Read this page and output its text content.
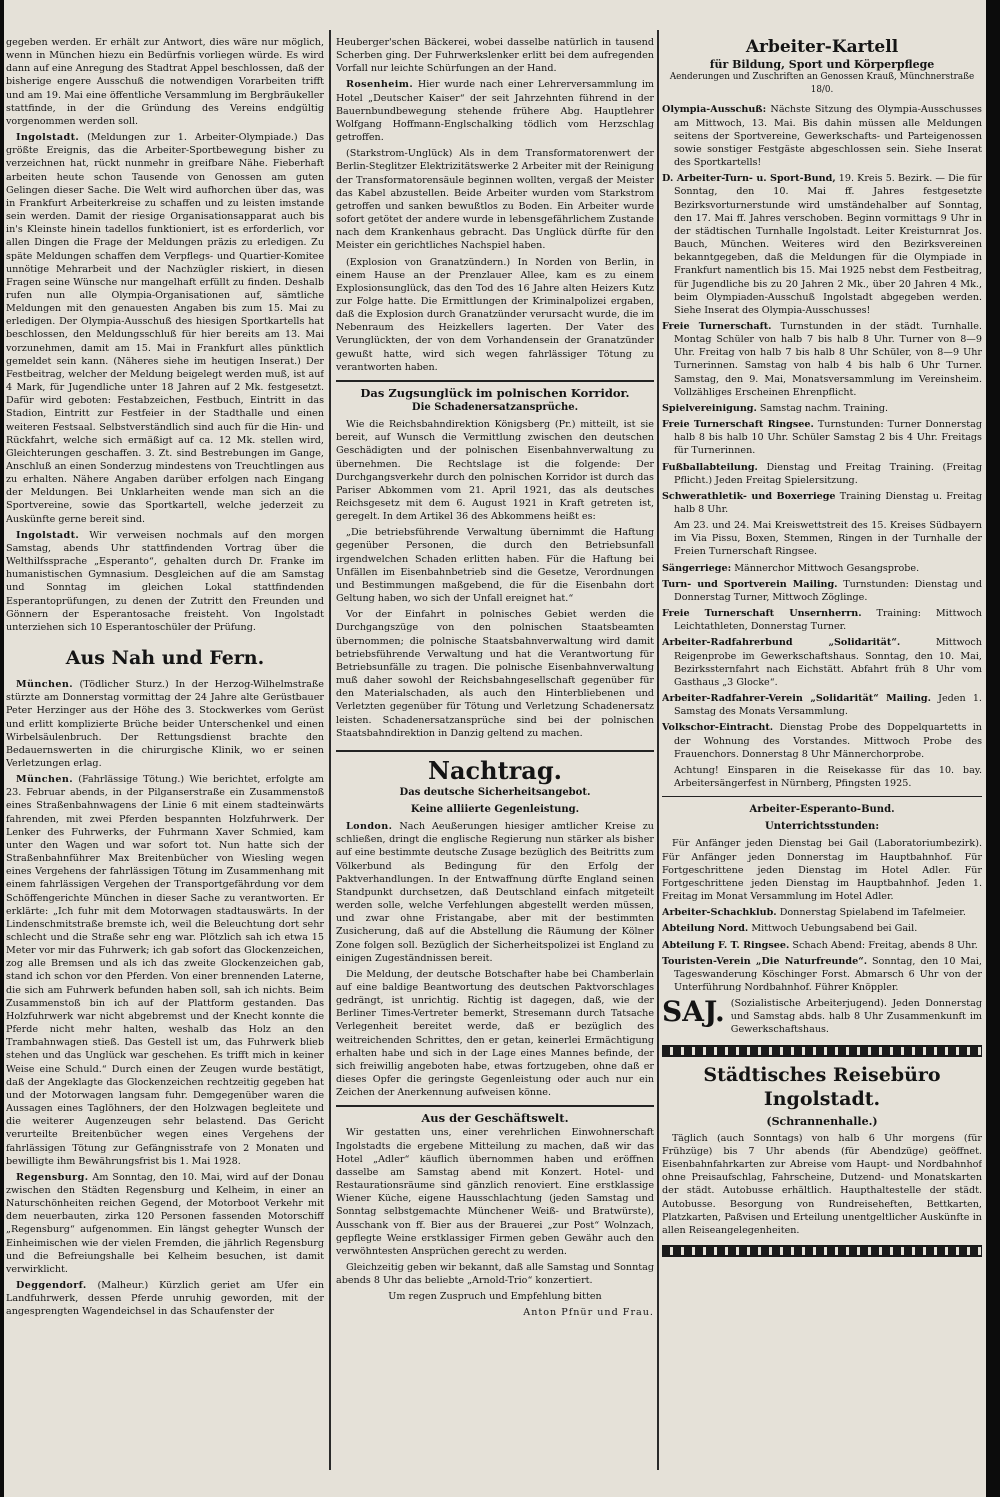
gegeben werden. Er erhält zur Antwort, dies wäre nur möglich, wenn in München hiezu ein Bedürfnis vorliegen würde. Es wird dann auf eine Anregung des Stadtrat Appel beschlossen, daß der bisherige engere Ausschuß die notwendigen Vorarbeiten trifft und am 19. Mai eine öffentliche Versammlung im Bergbräukeller stattfinde, in der die Gründung des Vereins endgültig vorgenommen werden soll.

Ingolstadt. (Meldungen zur 1. Arbeiter-Olympiade.) Das größte Ereignis, das die Arbeiter-Sportbewegung bisher zu verzeichnen hat, rückt nunmehr in greifbare Nähe. Fieberhaft arbeiten heute schon Tausende von Genossen am guten Gelingen dieser Sache. Die Welt wird aufhorchen über das, was in Frankfurt Arbeiterkreise zu schaffen und zu leisten imstande sein werden. Damit der riesige Organisationsapparat auch bis in's Kleinste hinein tadellos funktioniert, ist es erforderlich, vor allen Dingen die Frage der Meldungen präzis zu erledigen. Zu späte Meldungen schaffen dem Verpflegs- und Quartier-Komitee unnötige Mehrarbeit und der Nachzügler riskiert, in diesen Fragen seine Wünsche nur mangelhaft erfüllt zu finden. Deshalb rufen nun alle Olympia-Organisationen auf, sämtliche Meldungen mit den genauesten Angaben bis zum 15. Mai zu erledigen. Der Olympia-Ausschuß des hiesigen Sportkartells hat beschlossen, den Meldungsschluß für hier bereits am 13. Mai vorzunehmen, damit am 15. Mai in Frankfurt alles pünktlich gemeldet sein kann. (Näheres siehe im heutigen Inserat.) Der Festbeitrag, welcher der Meldung beigelegt werden muß, ist auf 4 Mark, für Jugendliche unter 18 Jahren auf 2 Mk. festgesetzt. Dafür wird geboten: Festabzeichen, Festbuch, Eintritt in das Stadion, Eintritt zur Festfeier in der Stadthalle und einen weiteren Festsaal. Selbstverständlich sind auch für die Hin- und Rückfahrt, welche sich ermäßigt auf ca. 12 Mk. stellen wird, Gleichterungen geschaffen. 3. Zt. sind Bestrebungen im Gange, Anschluß an einen Sonderzug mindestens von Treuchtlingen aus zu erhalten. Nähere Angaben darüber erfolgen nach Eingang der Meldungen. Bei Unklarheiten wende man sich an die Sportvereine, sowie das Sportkartell, welche jederzeit zu Auskünfte gerne bereit sind.

Ingolstadt. Wir verweisen nochmals auf den morgen Samstag, abends Uhr stattfindenden Vortrag über die Welthilfssprache „Esperanto“, gehalten durch Dr. Franke im humanistischen Gymnasium. Desgleichen auf die am Samstag und Sonntag im gleichen Lokal stattfindenden Esperantoprüfungen, zu denen der Zutritt den Freunden und Gönnern der Esperantosache freisteht. Von Ingolstadt unterziehen sich 10 Esperantoschüler der Prüfung.

Aus Nah und Fern.

München. (Tödlicher Sturz.) In der Herzog-Wilhelmstraße stürzte am Donnerstag vormittag der 24 Jahre alte Gerüstbauer Peter Herzinger aus der Höhe des 3. Stockwerkes vom Gerüst und erlitt komplizierte Brüche beider Unterschenkel und einen Wirbelsäulenbruch. Der Rettungsdienst brachte den Bedauernswerten in die chirurgische Klinik, wo er seinen Verletzungen erlag.

München. (Fahrlässige Tötung.) Wie berichtet, erfolgte am 23. Februar abends, in der Pilganserstraße ein Zusammenstoß eines Straßenbahnwagens der Linie 6 mit einem stadteinwärts fahrenden, mit zwei Pferden bespannten Holzfuhrwerk. Der Lenker des Fuhrwerks, der Fuhrmann Xaver Schmied, kam unter den Wagen und war sofort tot. Nun hatte sich der Straßenbahnführer Max Breitenbücher von Wiesling wegen eines Vergehens der fahrlässigen Tötung im Zusammenhang mit einem fahrlässigen Vergehen der Transportgefährdung vor dem Schöffengerichte München in dieser Sache zu verantworten. Er erklärte: „Ich fuhr mit dem Motorwagen stadtauswärts. In der Lindenschmitstraße bremste ich, weil die Beleuchtung dort sehr schlecht und die Straße sehr eng war. Plötzlich sah ich etwa 15 Meter vor mir das Fuhrwerk; ich gab sofort das Glockenzeichen, zog alle Bremsen und als ich das zweite Glockenzeichen gab, stand ich schon vor den Pferden. Von einer brennenden Laterne, die sich am Fuhrwerk befunden haben soll, sah ich nichts. Beim Zusammenstoß bin ich auf der Plattform gestanden. Das Holzfuhrwerk war nicht abgebremst und der Knecht konnte die Pferde nicht mehr halten, weshalb das Holz an den Trambahnwagen stieß. Das Gestell ist um, das Fuhrwerk blieb stehen und das Unglück war geschehen. Es trifft mich in keiner Weise eine Schuld.“ Durch einen der Zeugen wurde bestätigt, daß der Angeklagte das Glockenzeichen rechtzeitig gegeben hat und der Motorwagen langsam fuhr. Demgegenüber waren die Aussagen eines Taglöhners, der den Holzwagen begleitete und die weiterer Augenzeugen sehr belastend. Das Gericht verurteilte Breitenbücher wegen eines Vergehens der fahrlässigen Tötung zur Gefängnisstrafe von 2 Monaten und bewilligte ihm Bewährungsfrist bis 1. Mai 1928.

Regensburg. Am Sonntag, den 10. Mai, wird auf der Donau zwischen den Städten Regensburg und Kelheim, in einer an Naturschönheiten reichen Gegend, der Motorboot Verkehr mit dem neuerbauten, zirka 120 Personen fassenden Motorschiff „Regensburg“ aufgenommen. Ein längst gehegter Wunsch der Einheimischen wie der vielen Fremden, die jährlich Regensburg und die Befreiungshalle bei Kelheim besuchen, ist damit verwirklicht.

Deggendorf. (Malheur.) Kürzlich geriet am Ufer ein Landfuhrwerk, dessen Pferde unruhig geworden, mit der angesprengten Wagendeichsel in das Schaufenster der

Heuberger'schen Bäckerei, wobei dasselbe natürlich in tausend Scherben ging. Der Fuhrwerkslenker erlitt bei dem aufregenden Vorfall nur leichte Schürfungen an der Hand.

Rosenheim. Hier wurde nach einer Lehrerversammlung im Hotel „Deutscher Kaiser“ der seit Jahrzehnten führend in der Bauernbundbewegung stehende frühere Abg. Hauptlehrer Wolfgang Hoffmann-Englschalking tödlich vom Herzschlag getroffen.

(Starkstrom-Unglück) Als in dem Transformatorenwert der Berlin-Steglitzer Elektrizitätswerke 2 Arbeiter mit der Reinigung der Transformatorensäule beginnen wollten, vergaß der Meister das Kabel abzustellen. Beide Arbeiter wurden vom Starkstrom getroffen und sanken bewußtlos zu Boden. Ein Arbeiter wurde sofort getötet der andere wurde in lebensgefährlichem Zustande nach dem Krankenhaus gebracht. Das Unglück dürfte für den Meister ein gerichtliches Nachspiel haben.

(Explosion von Granatzündern.) In Norden von Berlin, in einem Hause an der Prenzlauer Allee, kam es zu einem Explosionsunglück, das den Tod des 16 Jahre alten Heizers Kutz zur Folge hatte. Die Ermittlungen der Kriminalpolizei ergaben, daß die Explosion durch Granatzünder verursacht wurde, die im Nebenraum des Heizkellers lagerten. Der Vater des Verunglückten, der von dem Vorhandensein der Granatzünder gewußt hatte, wird sich wegen fahrlässiger Tötung zu verantworten haben.

Das Zugsunglück im polnischen Korridor.
Die Schadenersatzansprüche.

Wie die Reichsbahndirektion Königsberg (Pr.) mitteilt, ist sie bereit, auf Wunsch die Vermittlung zwischen den deutschen Geschädigten und der polnischen Eisenbahnverwaltung zu übernehmen. Die Rechtslage ist die folgende: Der Durchgangsverkehr durch den polnischen Korridor ist durch das Pariser Abkommen vom 21. April 1921, das als deutsches Reichsgesetz mit dem 6. August 1921 in Kraft getreten ist, geregelt. In dem Artikel 36 des Abkommens heißt es:

„Die betriebsführende Verwaltung übernimmt die Haftung gegenüber Personen, die durch den Betriebsunfall irgendwelchen Schaden erlitten haben. Für die Haftung bei Unfällen im Eisenbahnbetrieb sind die Gesetze, Verordnungen und Bestimmungen maßgebend, die für die Eisenbahn dort Geltung haben, wo sich der Unfall ereignet hat.“

Vor der Einfahrt in polnisches Gebiet werden die Durchgangszüge von den polnischen Staatsbeamten übernommen; die polnische Staatsbahnverwaltung wird damit betriebsführende Verwaltung und hat die Verantwortung für Betriebsunfälle zu tragen. Die polnische Eisenbahnverwaltung muß daher sowohl der Reichsbahngesellschaft gegenüber für den Materialschaden, als auch den Hinterbliebenen und Verletzten gegenüber für Tötung und Verletzung Schadenersatz leisten. Schadenersatzansprüche sind bei der polnischen Staatsbahndirektion in Danzig geltend zu machen.

Nachtrag.
Das deutsche Sicherheitsangebot.
Keine alliierte Gegenleistung.

London. Nach Aeußerungen hiesiger amtlicher Kreise zu schließen, dringt die englische Regierung nun stärker als bisher auf eine bestimmte deutsche Zusage bezüglich des Beitritts zum Völkerbund als Bedingung für den Erfolg der Paktverhandlungen. In der Entwaffnung dürfte England seinen Standpunkt durchsetzen, daß Deutschland einfach mitgeteilt werden solle, welche Verfehlungen abgestellt werden müssen, und zwar ohne Fristangabe, aber mit der bestimmten Zusicherung, daß auf die Abstellung die Räumung der Kölner Zone folgen soll. Bezüglich der Sicherheitspolizei ist England zu einigen Zugeständnissen bereit.

Die Meldung, der deutsche Botschafter habe bei Chamberlain auf eine baldige Beantwortung des deutschen Paktvorschlages gedrängt, ist unrichtig. Richtig ist dagegen, daß, wie der Berliner Times-Vertreter bemerkt, Stresemann durch Tatsache Verlegenheit bereitet werde, daß er bezüglich des weitreichenden Schrittes, den er getan, keinerlei Ermächtigung erhalten habe und sich in der Lage eines Mannes befinde, der sich freiwillig angeboten habe, etwas fortzugeben, ohne daß er dieses Opfer die geringste Gegenleistung oder auch nur ein Zeichen der Anerkennung aufweisen könne.

Aus der Geschäftswelt.

Wir gestatten uns, einer verehrlichen Einwohnerschaft Ingolstadts die ergebene Mitteilung zu machen, daß wir das Hotel „Adler“ käuflich übernommen haben und eröffnen dasselbe am Samstag abend mit Konzert. Hotel- und Restaurationsräume sind gänzlich renoviert. Eine erstklassige Wiener Küche, eigene Hausschlachtung (jeden Samstag und Sonntag selbstgemachte Münchener Weiß- und Bratwürste), Ausschank von ff. Bier aus der Brauerei „zur Post“ Wolnzach, gepflegte Weine erstklassiger Firmen geben Gewähr auch den verwöhntesten Ansprüchen gerecht zu werden.

Gleichzeitig geben wir bekannt, daß alle Samstag und Sonntag abends 8 Uhr das beliebte „Arnold-Trio“ konzertiert.

Um regen Zuspruch und Empfehlung bitten

Anton Pfnür und Frau.

Arbeiter-Kartell
für Bildung, Sport und Körperpflege
Aenderungen und Zuschriften an Genossen Krauß, Münchnerstraße 18/0.

Olympia-Ausschuß: Nächste Sitzung des Olympia-Ausschusses am Mittwoch, 13. Mai. Bis dahin müssen alle Meldungen seitens der Sportvereine, Gewerkschafts- und Parteigenossen sowie sonstiger Festgäste abgeschlossen sein. Siehe Inserat des Sportkartells!

D. Arbeiter-Turn- u. Sport-Bund, 19. Kreis 5. Bezirk. — Die für Sonntag, den 10. Mai ff. Jahres festgesetzte Bezirksvorturnerstunde wird umständehalber auf Sonntag, den 17. Mai ff. Jahres verschoben. Beginn vormittags 9 Uhr in der städtischen Turnhalle Ingolstadt. Leiter Kreisturnrat Jos. Bauch, München. Weiteres wird den Bezirksvereinen bekanntgegeben, daß die Meldungen für die Olympiade in Frankfurt namentlich bis 15. Mai 1925 nebst dem Festbeitrag, für Jugendliche bis zu 20 Jahren 2 Mk., über 20 Jahren 4 Mk., beim Olympiaden-Ausschuß Ingolstadt abgegeben werden. Siehe Inserat des Olympia-Ausschusses!

Freie Turnerschaft. Turnstunden in der städt. Turnhalle. Montag Schüler von halb 7 bis halb 8 Uhr. Turner von 8—9 Uhr. Freitag von halb 7 bis halb 8 Uhr Schüler, von 8—9 Uhr Turnerinnen. Samstag von halb 4 bis halb 6 Uhr Turner. Samstag, den 9. Mai, Monatsversammlung im Vereinsheim. Vollzähliges Erscheinen Ehrenpflicht.

Spielvereinigung. Samstag nachm. Training.

Freie Turnerschaft Ringsee. Turnstunden: Turner Donnerstag halb 8 bis halb 10 Uhr. Schüler Samstag 2 bis 4 Uhr. Freitags für Turnerinnen.

Fußballabteilung. Dienstag und Freitag Training. (Freitag Pflicht.) Jeden Freitag Spielersitzung.

Schwerathletik- und Boxerriege Training Dienstag u. Freitag halb 8 Uhr.

Am 23. und 24. Mai Kreiswettstreit des 15. Kreises Südbayern im Via Pissu, Boxen, Stemmen, Ringen in der Turnhalle der Freien Turnerschaft Ringsee.

Sängerriege: Männerchor Mittwoch Gesangsprobe.

Turn- und Sportverein Mailing. Turnstunden: Dienstag und Donnerstag Turner, Mittwoch Zöglinge.

Freie Turnerschaft Unsernherrn. Training: Mittwoch Leichtathleten, Donnerstag Turner.

Arbeiter-Radfahrerbund „Solidarität“.	Mittwoch Reigenprobe im Gewerkschaftshaus. Sonntag, den 10. Mai, Bezirkssternfahrt nach Eichstätt. Abfahrt früh 8 Uhr vom Gasthaus „3 Glocke“.

Arbeiter-Radfahrer-Verein „Solidarität“ Mailing. Jeden 1. Samstag des Monats Versammlung.

Volkschor-Eintracht. Dienstag Probe des Doppelquartetts in der Wohnung des Vorstandes. Mittwoch Probe des Frauenchors. Donnerstag 8 Uhr Männerchorprobe.

Achtung! Einsparen in die Reisekasse für das 10. bay. Arbeitersängerfest in Nürnberg, Pfingsten 1925.

Arbeiter-Esperanto-Bund.
Unterrichtsstunden:

Für Anfänger jeden Dienstag bei Gail (Laboratoriumbezirk). Für Anfänger jeden Donnerstag im Hauptbahnhof. Für Fortgeschrittene jeden Dienstag im Hotel Adler. Für Fortgeschrittene jeden Dienstag im Hauptbahnhof. Jeden 1. Freitag im Monat Versammlung im Hotel Adler.

Arbeiter-Schachklub. Donnerstag Spielabend im Tafelmeier.

Abteilung Nord. Mittwoch Uebungsabend bei Gail.

Abteilung F. T. Ringsee. Schach Abend: Freitag, abends 8 Uhr.

Touristen-Verein „Die Naturfreunde“. Sonntag, den 10 Mai, Tageswanderung Köschinger Forst. Abmarsch 6 Uhr von der Unterführung Nordbahnhof. Führer Knöppler.

SAJ. (Sozialistische Arbeiterjugend). Jeden Donnerstag und Samstag abds. halb 8 Uhr Zusammenkunft im Gewerkschaftshaus.
Städtisches Reisebüro Ingolstadt.
(Schrannenhalle.)

Täglich (auch Sonntags) von halb 6 Uhr morgens (für Frühzüge) bis 7 Uhr abends (für Abendzüge) geöffnet. Eisenbahnfahrkarten zur Abreise vom Haupt- und Nordbahnhof ohne Preisaufschlag, Fahrscheine, Dutzend- und Monatskarten der städt. Autobusse erhältlich. Haupthaltestelle der städt. Autobusse. Besorgung von Rundreiseheften, Bettkarten, Platzkarten, Paßvisen und Erteilung unentgeltlicher Auskünfte in allen Reiseangelegenheiten.
